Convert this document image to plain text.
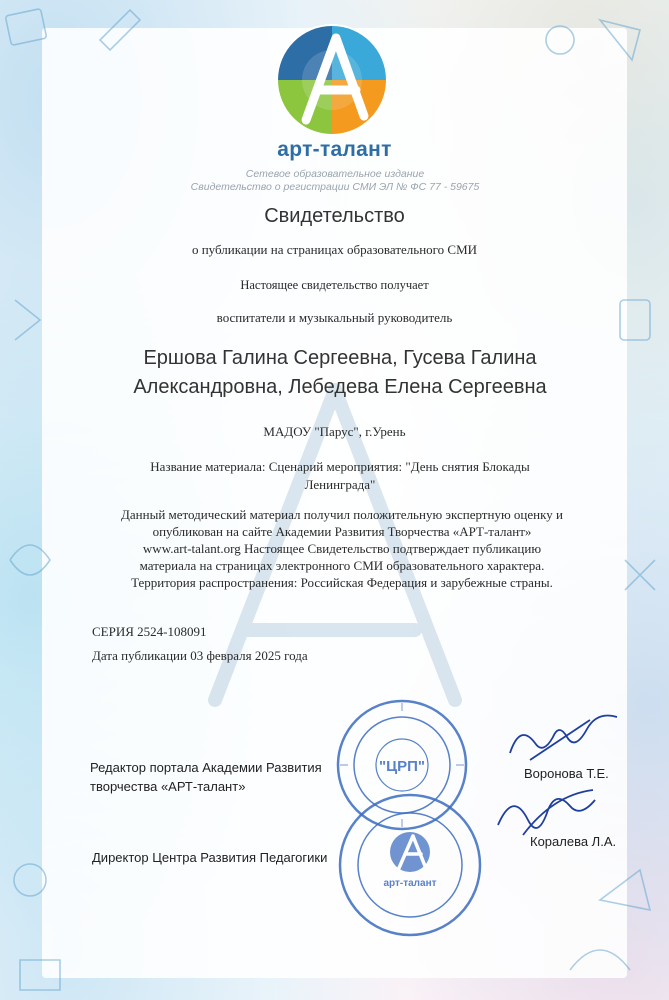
арт-талант
Сетевое образовательное издание
Свидетельство о регистрации СМИ ЭЛ № ФС 77 - 59675
Свидетельство
о публикации на страницах образовательного СМИ
Настоящее свидетельство получает
воспитатели и музыкальный руководитель
Ершова Галина Сергеевна, Гусева Галина
Александровна, Лебедева Елена Сергеевна
МАДОУ "Парус", г.Урень
Название материала: Сценарий мероприятия: "День снятия Блокады
Ленинграда"
Данный методический материал получил положительную экспертную оценку и
опубликован на сайте Академии Развития Творчества «АРТ-талант»
www.art-talant.org Настоящее Свидетельство подтверждает публикацию
материала на страницах электронного СМИ образовательного характера.
Территория распространения: Российская Федерация и зарубежные страны.
СЕРИЯ 2524-108091
Дата публикации 03 февраля 2025 года
"ЦРП"
арт-талант
Редактор портала Академии Развития
творчества «АРТ-талант»
Воронова Т.Е.
Директор Центра Развития Педагогики
Коралева Л.А.
